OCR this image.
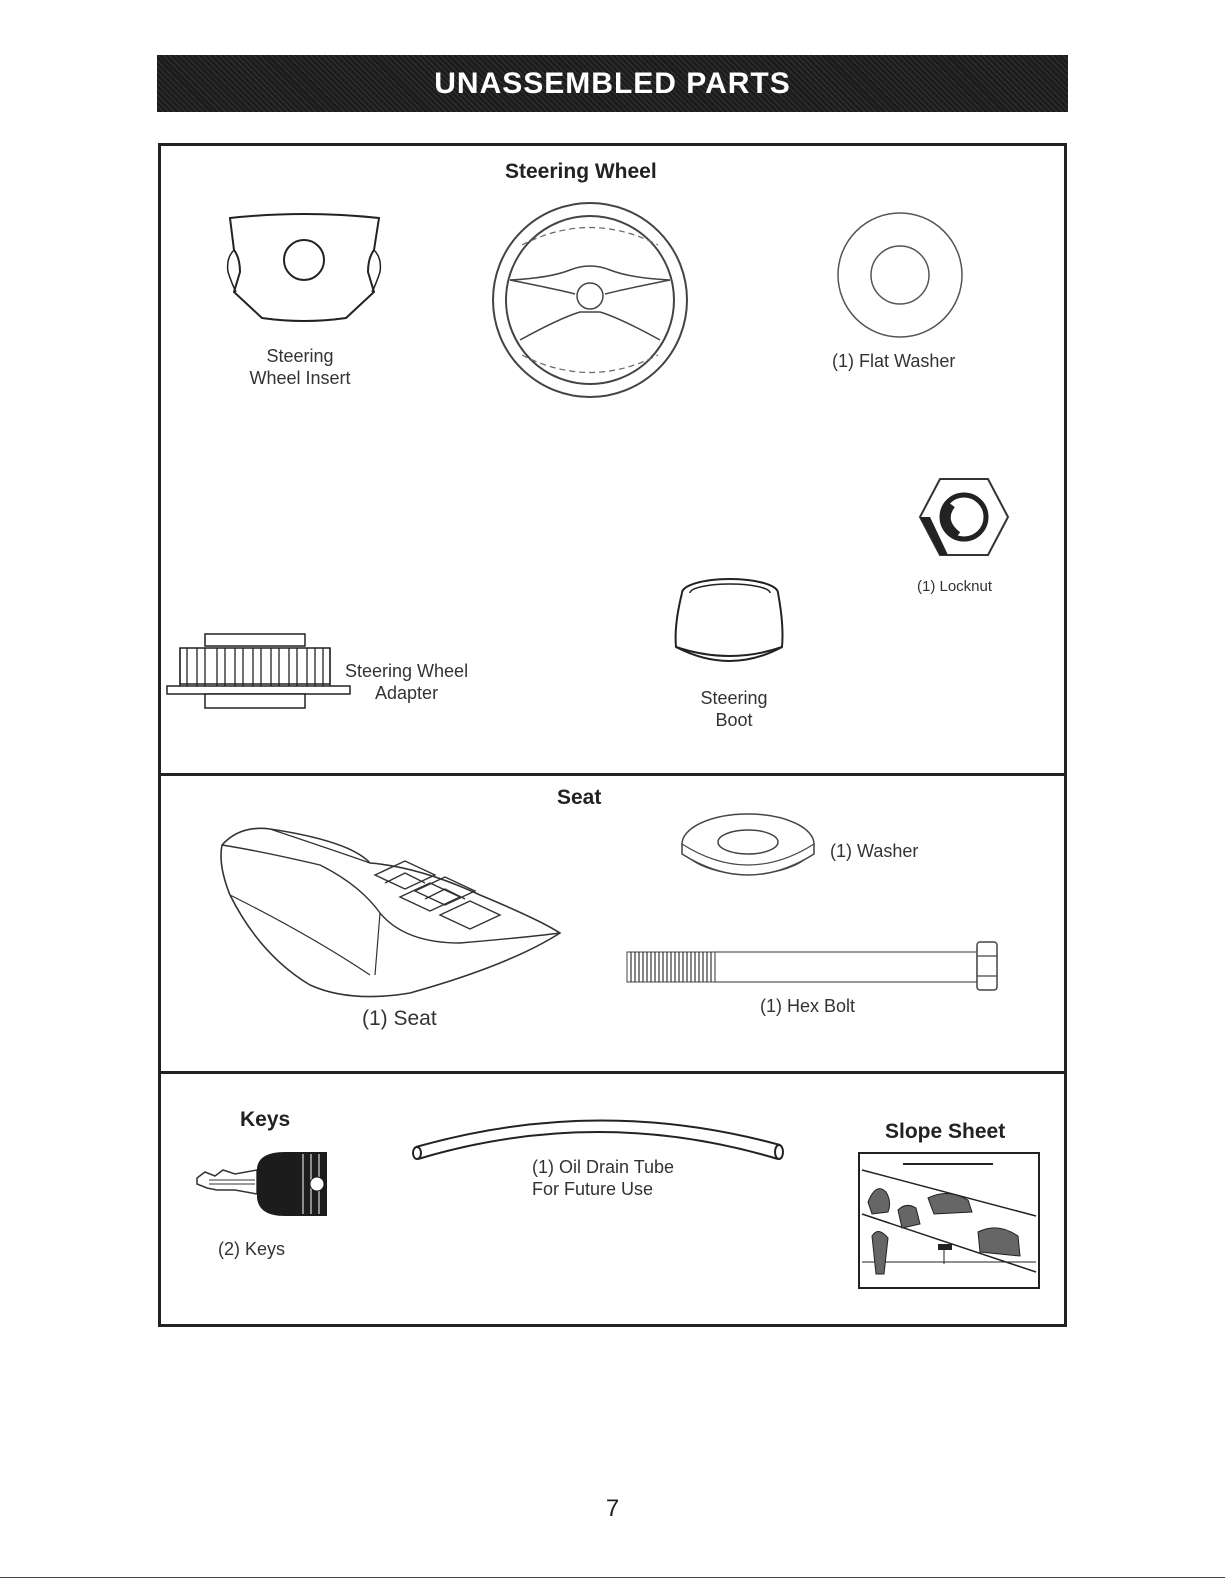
UNASSEMBLED PARTS
Steering Wheel
Steering
Wheel Insert
(1) Flat Washer
(1) Locknut
Steering
Boot
Steering Wheel
Adapter
Seat
(1) Seat
(1) Washer
(1) Hex Bolt
Keys
(2) Keys
(1) Oil Drain Tube
For Future Use
Slope Sheet
7
